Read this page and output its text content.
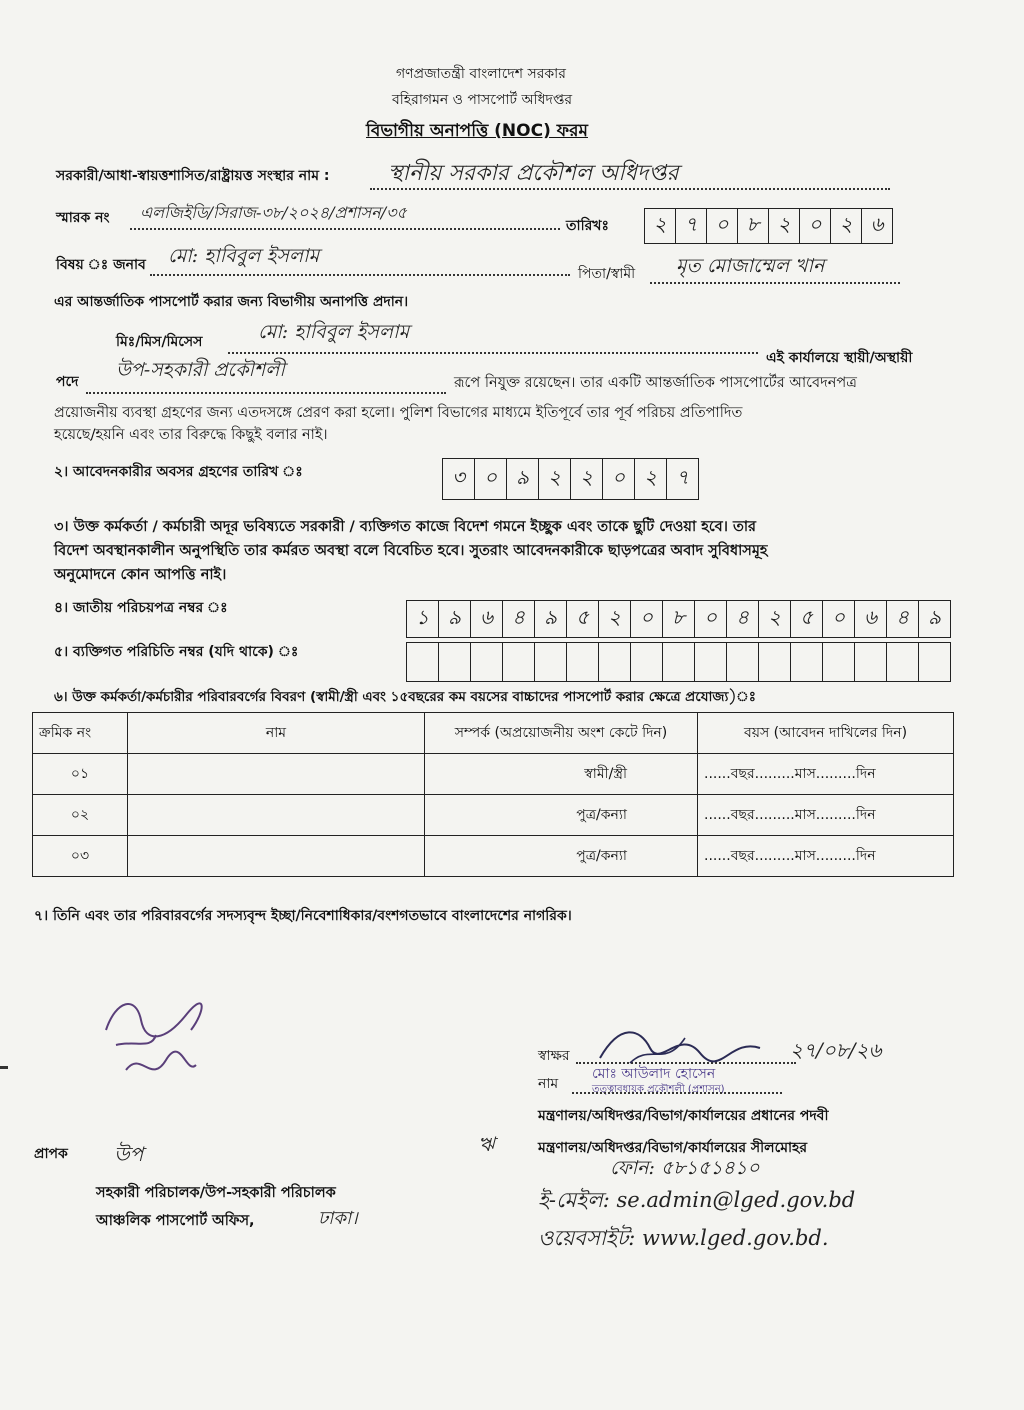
গণপ্রজাতন্ত্রী বাংলাদেশ সরকার
বহিরাগমন ও পাসপোর্ট অধিদপ্তর
বিভাগীয় অনাপত্তি (NOC) ফরম
সরকারী/আধা-স্বায়ত্তশাসিত/রাষ্ট্রায়ত্ত সংস্থার নাম :	স্থানীয় সরকার প্রকৌশল অধিদপ্তর
স্মারক নং এলজিইডি/সিরাজ-৩৮/২০২৪/প্রশাসন/৩৫
তারিখঃ	২ ৭ ০ ৮ ২ ০ ২ ৬
বিষয় ঃ জনাব মো: হাবিবুল ইসলাম
পিতা/স্বামী মৃত মোজাম্মেল খান
এর আন্তর্জাতিক পাসপোর্ট করার জন্য বিভাগীয় অনাপত্তি প্রদান।
মিঃ/মিস/মিসেস	মো: হাবিবুল ইসলাম
এই কার্যালয়ে স্থায়ী/অস্থায়ী
পদে
উপ-সহকারী প্রকৌশলী
রূপে নিযুক্ত রয়েছেন। তার একটি আন্তর্জাতিক পাসপোর্টের আবেদনপত্র
প্রয়োজনীয় ব্যবস্থা গ্রহণের জন্য এতদসঙ্গে প্রেরণ করা হলো। পুলিশ বিভাগের মাধ্যমে ইতিপূর্বে তার পূর্ব পরিচয় প্রতিপাদিত
হয়েছে/হয়নি এবং তার বিরুদ্ধে কিছুই বলার নাই।
২। আবেদনকারীর অবসর গ্রহণের তারিখ ঃ	৩ ০ ৯ ২ ২ ০ ২ ৭
৩। উক্ত কর্মকর্তা / কর্মচারী অদূর ভবিষ্যতে সরকারী / ব্যক্তিগত কাজে বিদেশ গমনে ইচ্ছুক এবং তাকে ছুটি দেওয়া হবে। তার
বিদেশ অবস্থানকালীন অনুপস্থিতি তার কর্মরত অবস্থা বলে বিবেচিত হবে। সুতরাং আবেদনকারীকে ছাড়পত্রের অবাদ সুবিধাসমূহ
অনুমোদনে কোন আপত্তি নাই।
৪। জাতীয় পরিচয়পত্র নম্বর ঃ	১ ৯ ৬ ৪ ৯ ৫ ২ ০ ৮ ০ ৪ ২ ৫ ০ ৬ ৪ ৯
৫। ব্যক্তিগত পরিচিতি নম্বর (যদি থাকে) ঃ
৬। উক্ত কর্মকর্তা/কর্মচারীর পরিবারবর্গের বিবরণ (স্বামী/স্ত্রী এবং ১৫বছরের কম বয়সের বাচ্চাদের পাসপোর্ট করার ক্ষেত্রে প্রযোজ্য)ঃ
ক্রমিক নং	নাম	সম্পর্ক (অপ্রয়োজনীয় অংশ কেটে দিন)	বয়স (আবেদন দাখিলের দিন)
০১		স্বামী/স্ত্রী	......বছর.........মাস.........দিন
০২		পুত্র/কন্যা	......বছর.........মাস.........দিন
০৩		পুত্র/কন্যা	......বছর.........মাস.........দিন
৭। তিনি এবং তার পরিবারবর্গের সদস্যবৃন্দ ইচ্ছা/নিবেশাধিকার/বংশগতভাবে বাংলাদেশের নাগরিক।
স্বাক্ষর	২৭/০৮/২৬
নাম
মোঃ আউলাদ হোসেন
তত্ত্বাবধায়ক প্রকৌশলী (প্রশাসন)
মন্ত্রণালয়/অধিদপ্তর/বিভাগ/কার্যালয়ের প্রধানের পদবী
ঋ	মন্ত্রণালয়/অধিদপ্তর/বিভাগ/কার্যালয়ের সীলমোহর
ফোন: ৫৮১৫১৪১০
ই-মেইল: se.admin@lged.gov.bd
ওয়েবসাইট: www.lged.gov.bd.
প্রাপক উপ
সহকারী পরিচালক/উপ-সহকারী পরিচালক
আঞ্চলিক পাসপোর্ট অফিস,	ঢাকা।
